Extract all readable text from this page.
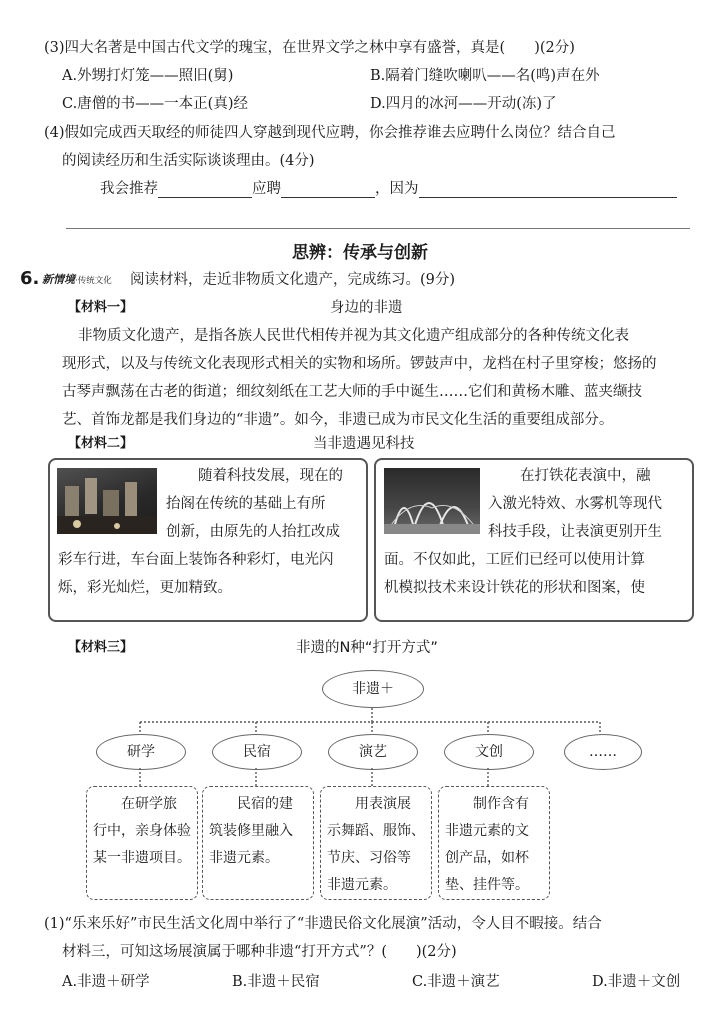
(3)四大名著是中国古代文学的瑰宝，在世界文学之林中享有盛誉，真是(　　)(2分)
A.外甥打灯笼——照旧(舅)	B.隔着门缝吹喇叭——名(鸣)声在外
C.唐僧的书——一本正(真)经	D.四月的冰河——开动(冻)了
(4)假如完成西天取经的师徒四人穿越到现代应聘，你会推荐谁去应聘什么岗位？结合自己
的阅读经历和生活实际谈谈理由。(4分)
我会推荐	应聘	，因为
思辨：传承与创新
6. 新情境·传统文化 阅读材料，走近非物质文化遗产，完成练习。(9分)
【材料一】	身边的非遗
非物质文化遗产，是指各族人民世代相传并视为其文化遗产组成部分的各种传统文化表
现形式，以及与传统文化表现形式相关的实物和场所。锣鼓声中，龙档在村子里穿梭；悠扬的
古琴声飘荡在古老的街道；细纹刻纸在工艺大师的手中诞生……它们和黄杨木雕、蓝夹缬技
艺、首饰龙都是我们身边的“非遗”。如今，非遗已成为市民文化生活的重要组成部分。
【材料二】	当非遗遇见科技
随着科技发展，现在的
抬阁在传统的基础上有所
创新，由原先的人抬扛改成
彩车行进，车台面上装饰各种彩灯，电光闪
烁，彩光灿烂，更加精致。
在打铁花表演中，融
入激光特效、水雾机等现代
科技手段，让表演更别开生
面。不仅如此，工匠们已经可以使用计算
机模拟技术来设计铁花的形状和图案，使
【材料三】	非遗的N种“打开方式”
非遗＋
研学	民宿	演艺	文创	……
在研学旅
行中，亲身体验
某一非遗项目。
民宿的建
筑装修里融入
非遗元素。
用表演展
示舞蹈、服饰、
节庆、习俗等
非遗元素。
制作含有
非遗元素的文
创产品，如杯
垫、挂件等。
(1)“乐来乐好”市民生活文化周中举行了“非遗民俗文化展演”活动，令人目不暇接。结合
材料三，可知这场展演属于哪种非遗“打开方式”？(　　)(2分)
A.非遗＋研学	B.非遗＋民宿	C.非遗＋演艺	D.非遗＋文创
